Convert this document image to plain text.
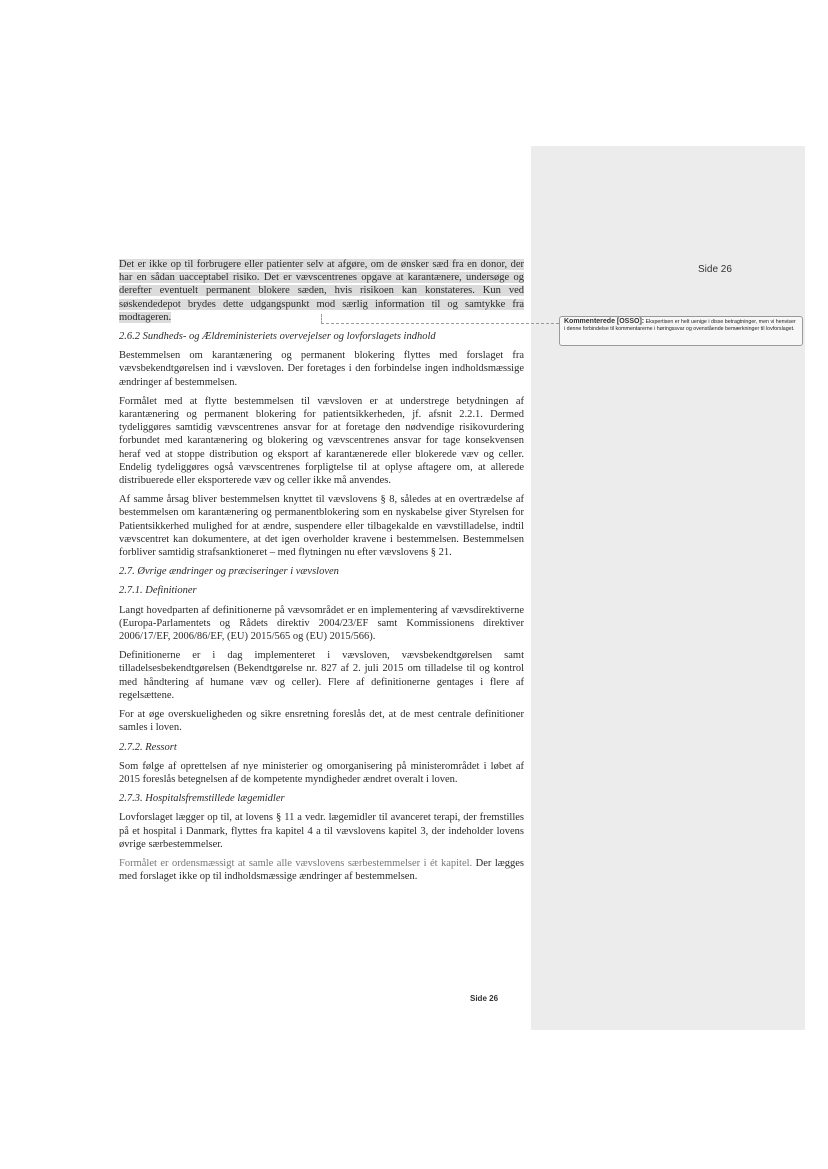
Side 26
Kommenterede [OSSO]: Ekspertisen er helt uenige i disse betragtninger, men vi henviser i denne forbindelse til kommentarerne i høringssvar og ovenstående bemærkninger til lovforslaget.

Det er ikke op til forbrugere eller patienter selv at afgøre, om de ønsker sæd fra en donor, der har en sådan uacceptabel risiko. Det er vævscentrenes opgave at karantænere, undersøge og derefter eventuelt permanent blokere sæden, hvis risikoen kan konstateres. Kun ved søskendedepot brydes dette udgangspunkt mod særlig information til og samtykke fra modtageren.

2.6.2 Sundheds- og Ældreministeriets overvejelser og lovforslagets indhold

Bestemmelsen om karantænering og permanent blokering flyttes med forslaget fra vævsbekendtgørelsen ind i vævsloven. Der foretages i den forbindelse ingen indholdsmæssige ændringer af bestemmelsen.

Formålet med at flytte bestemmelsen til vævsloven er at understrege betydningen af karantænering og permanent blokering for patientsikkerheden, jf. afsnit 2.2.1. Dermed tydeliggøres samtidig vævscentrenes ansvar for at foretage den nødvendige risikovurdering forbundet med karantænering og blokering og vævscentrenes ansvar for tage konsekvensen heraf ved at stoppe distribution og eksport af karantænerede eller blokerede væv og celler. Endelig tydeliggøres også vævscentrenes forpligtelse til at oplyse aftagere om, at allerede distribuerede eller eksporterede væv og celler ikke må anvendes.

Af samme årsag bliver bestemmelsen knyttet til vævslovens § 8, således at en overtrædelse af bestemmelsen om karantænering og permanentblokering som en nyskabelse giver Styrelsen for Patientsikkerhed mulighed for at ændre, suspendere eller tilbagekalde en vævstilladelse, indtil vævscentret kan dokumentere, at det igen overholder kravene i bestemmelsen. Bestemmelsen forbliver samtidig strafsanktioneret – med flytningen nu efter vævslovens § 21.

2.7. Øvrige ændringer og præciseringer i vævsloven
2.7.1. Definitioner

Langt hovedparten af definitionerne på vævsområdet er en implementering af vævsdirektiverne (Europa-Parlamentets og Rådets direktiv 2004/23/EF samt Kommissionens direktiver 2006/17/EF, 2006/86/EF, (EU) 2015/565 og (EU) 2015/566).

Definitionerne er i dag implementeret i vævsloven, vævsbekendtgørelsen samt tilladelsesbekendtgørelsen (Bekendtgørelse nr. 827 af 2. juli 2015 om tilladelse til og kontrol med håndtering af humane væv og celler). Flere af definitionerne gentages i flere af regelsættene.

For at øge overskueligheden og sikre ensretning foreslås det, at de mest centrale definitioner samles i loven.

2.7.2. Ressort

Som følge af oprettelsen af nye ministerier og omorganisering på ministerområdet i løbet af 2015 foreslås betegnelsen af de kompetente myndigheder ændret overalt i loven.

2.7.3. Hospitalsfremstillede lægemidler

Lovforslaget lægger op til, at lovens § 11 a vedr. lægemidler til avanceret terapi, der fremstilles på et hospital i Danmark, flyttes fra kapitel 4 a til vævslovens kapitel 3, der indeholder lovens øvrige særbestemmelser.

Formålet er ordensmæssigt at samle alle vævslovens særbestemmelser i ét kapitel. Der lægges med forslaget ikke op til indholdsmæssige ændringer af bestemmelsen.

Side 26
